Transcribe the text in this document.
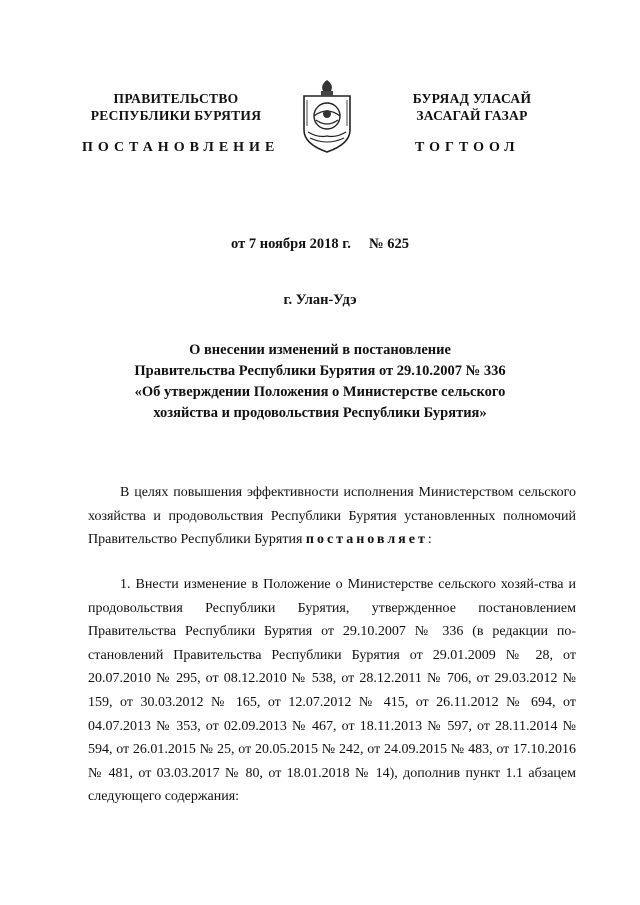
ПРАВИТЕЛЬСТВО
РЕСПУБЛИКИ БУРЯТИЯ
БУРЯАД УЛАСАЙ
ЗАСАГАЙ ГАЗАР
ПОСТАНОВЛЕНИЕ	ТОГТООЛ
от 7 ноября 2018 г.     № 625
г. Улан-Удэ
О внесении изменений в постановление
Правительства Республики Бурятия от 29.10.2007 № 336
«Об утверждении Положения о Министерстве сельского
хозяйства и продовольствия Республики Бурятия»
В целях повышения эффективности исполнения Министерством сельского хозяйства и продовольствия Республики Бурятия установленных полномочий Правительство Республики Бурятия постановляет:
1. Внести изменение в Положение о Министерстве сельского хозяй-ства и продовольствия Республики Бурятия, утвержденное постановлением Правительства Республики Бурятия от 29.10.2007 № 336 (в редакции по-становлений Правительства Республики Бурятия от 29.01.2009 № 28, от 20.07.2010 № 295, от 08.12.2010 № 538, от 28.12.2011 № 706, от 29.03.2012 № 159, от 30.03.2012 № 165, от 12.07.2012 № 415, от 26.11.2012 № 694, от 04.07.2013 № 353, от 02.09.2013 № 467, от 18.11.2013 № 597, от 28.11.2014 № 594, от 26.01.2015 № 25, от 20.05.2015 № 242, от 24.09.2015 № 483, от 17.10.2016 № 481, от 03.03.2017 № 80, от 18.01.2018 № 14), дополнив пункт 1.1 абзацем следующего содержания:
